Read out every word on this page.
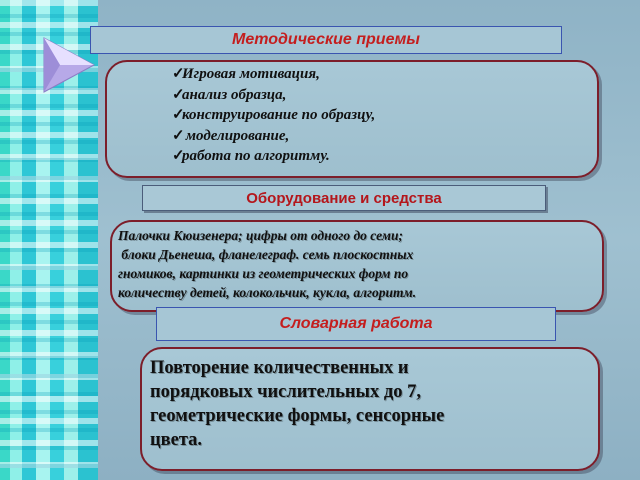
Методические приемы
✓Игровая мотивация,
✓анализ образца,
✓конструирование по образцу,
✓ моделирование,
✓работа по алгоритму.
Оборудование и средства
Палочки Кюизенера; цифры от одного до семи;
блоки Дьенеша, фланелеграф. семь плоскостных
гномиков, картинки из геометрических форм по
количеству детей, колокольчик, кукла, алгоритм.
Словарная работа
Повторение количественных и
порядковых числительных до 7,
геометрические формы, сенсорные
цвета.
